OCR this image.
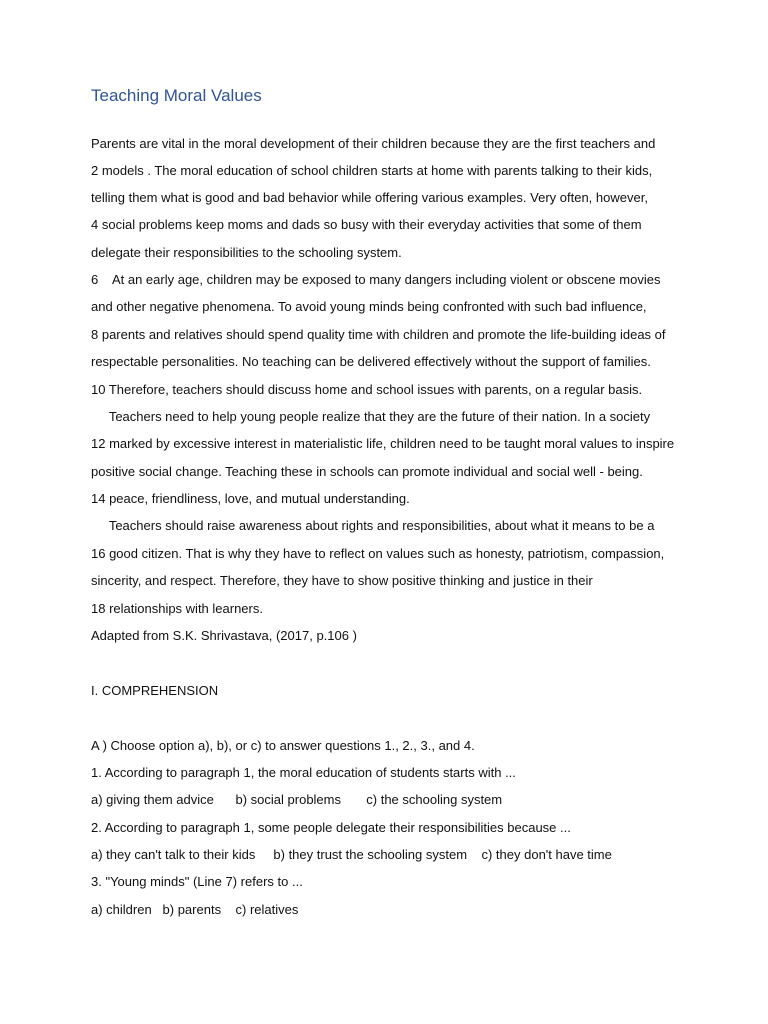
Teaching Moral Values
Parents are vital in the moral development of their children because they are the first teachers and
2 models . The moral education of school children starts at home with parents talking to their kids,
telling them what is good and bad behavior while offering various examples. Very often, however,
4 social problems keep moms and dads so busy with their everyday activities that some of them
delegate their responsibilities to the schooling system.
6    At an early age, children may be exposed to many dangers including violent or obscene movies
and other negative phenomena. To avoid young minds being confronted with such bad influence,
8 parents and relatives should spend quality time with children and promote the life-building ideas of
respectable personalities. No teaching can be delivered effectively without the support of families.
10 Therefore, teachers should discuss home and school issues with parents, on a regular basis.
Teachers need to help young people realize that they are the future of their nation. In a society
12 marked by excessive interest in materialistic life, children need to be taught moral values to inspire
positive social change. Teaching these in schools can promote individual and social well - being.
14 peace, friendliness, love, and mutual understanding.
Teachers should raise awareness about rights and responsibilities, about what it means to be a
16 good citizen. That is why they have to reflect on values such as honesty, patriotism, compassion,
sincerity, and respect. Therefore, they have to show positive thinking and justice in their
18 relationships with learners.
Adapted from S.K. Shrivastava, (2017, p.106 )
I. COMPREHENSION
A ) Choose option a), b), or c) to answer questions 1., 2., 3., and 4.
1. According to paragraph 1, the moral education of students starts with ...
a) giving them advice      b) social problems       c) the schooling system
2. According to paragraph 1, some people delegate their responsibilities because ...
a) they can't talk to their kids     b) they trust the schooling system    c) they don't have time
3. "Young minds" (Line 7) refers to ...
a) children   b) parents    c) relatives
